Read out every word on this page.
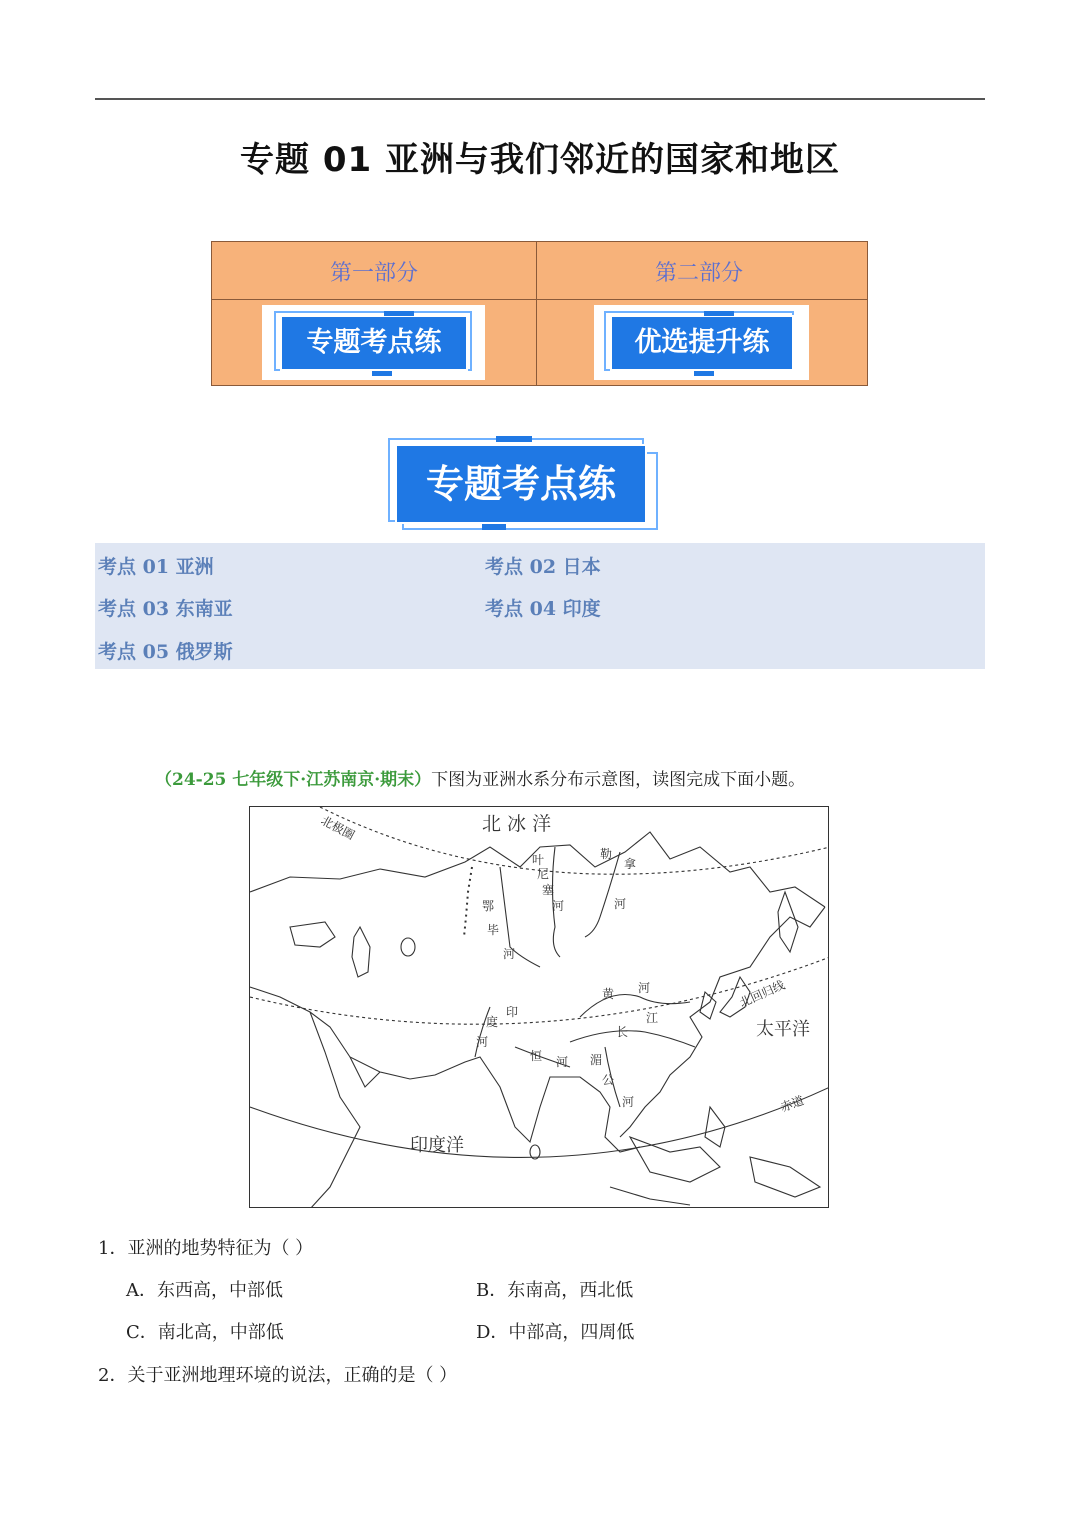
专题 01 亚洲与我们邻近的国家和地区
第一部分	第二部分
专题考点练	优选提升练
专题考点练
考点 01 亚洲	考点 02 日本
考点 03 东南亚	考点 04 印度
考点 05 俄罗斯
（24-25 七年级下·江苏南京·期末）下图为亚洲水系分布示意图，读图完成下面小题。
北 冰 洋
北极圈
太平洋
印度洋
北回归线
赤道
叶
尼
塞
河
鄂
毕
河
勒
拿
河
黄 河
长
江
印
度
河
恒 河 湄
公
河
1．亚洲的地势特征为（ ）
A．东西高，中部低	B．东南高，西北低
C．南北高，中部低	D．中部高，四周低
2．关于亚洲地理环境的说法，正确的是（ ）
